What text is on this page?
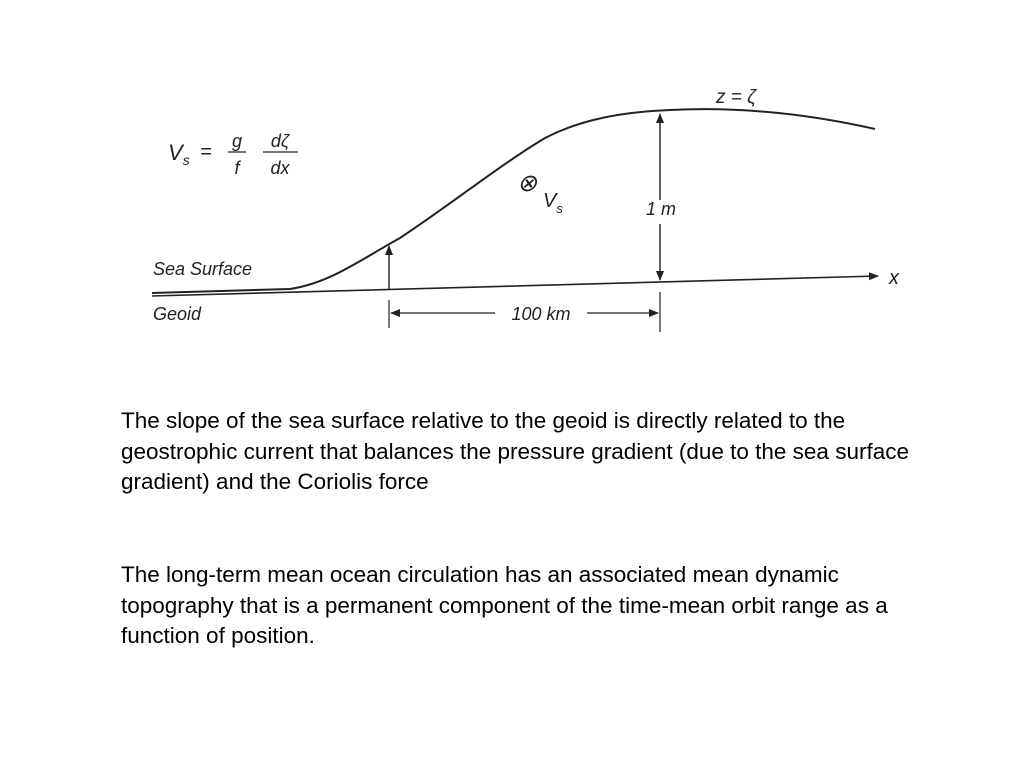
$V_s = g$
f
dζ
dx
z = ζ
⊗
$V_s$	1 m
Sea Surface
Geoid
x
100 km

The slope of the sea surface relative to the geoid is directly related to the geostrophic current that balances the pressure gradient (due to the sea surface gradient) and the Coriolis force

The long-term mean ocean circulation has an associated mean dynamic topography that is a permanent component of the time-mean orbit range as a function of position.
